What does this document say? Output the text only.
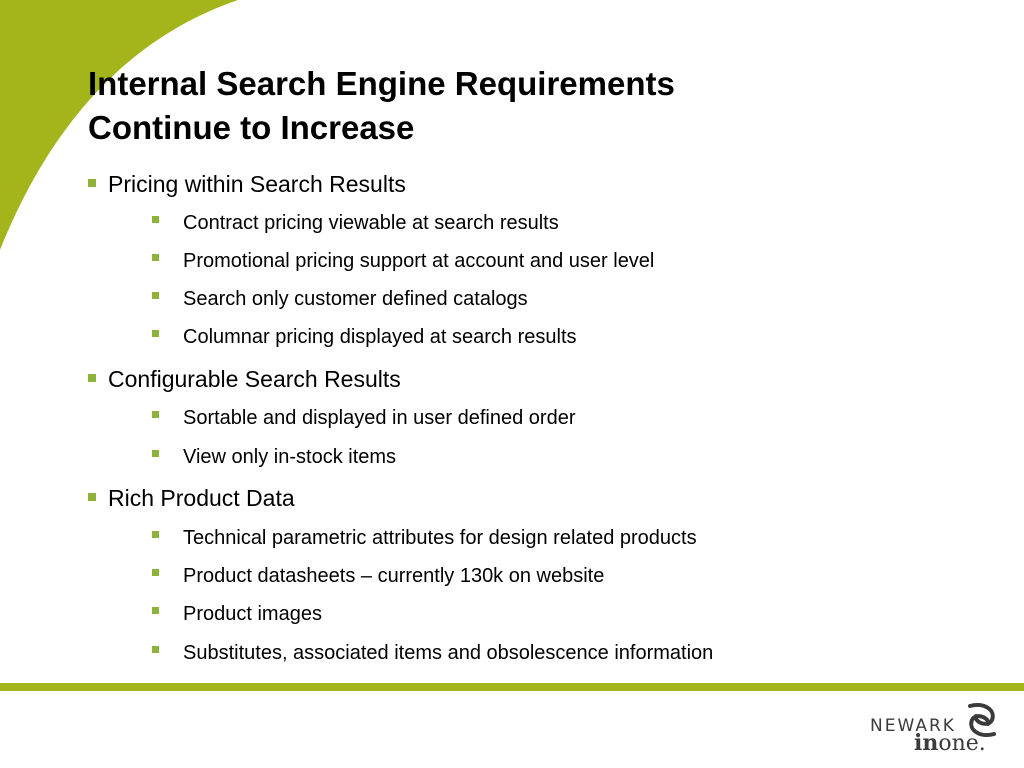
Internal Search Engine Requirements
Continue to Increase
Pricing within Search Results
Contract pricing viewable at search results
Promotional pricing support at account and user level
Search only customer defined catalogs
Columnar pricing displayed at search results
Configurable Search Results
Sortable and displayed in user defined order
View only in-stock items
Rich Product Data
Technical parametric attributes for design related products
Product datasheets – currently 130k on website
Product images
Substitutes, associated items and obsolescence information
NEWARK
inone.
